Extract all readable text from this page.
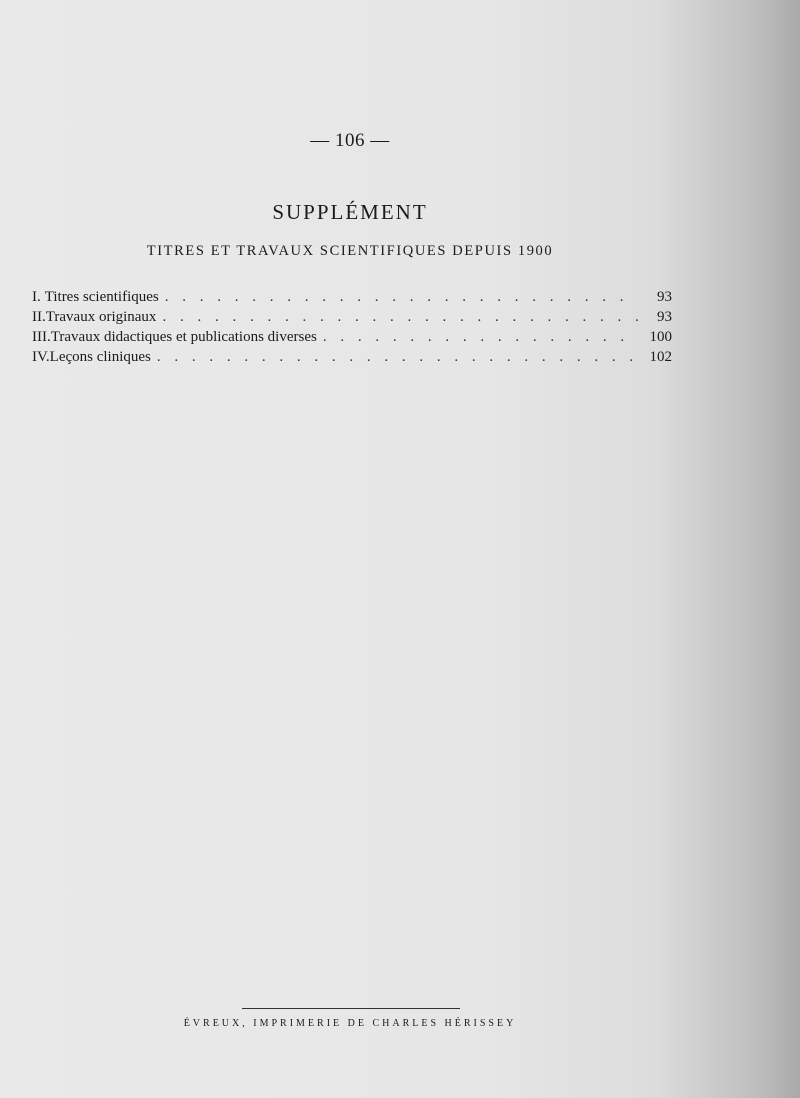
— 106 —
SUPPLÉMENT
TITRES ET TRAVAUX SCIENTIFIQUES DEPUIS 1900
I. Titres scientifiques . . .	93
II. Travaux originaux . . .	93
III. Travaux didactiques et publications diverses . . .	100
IV. Leçons cliniques . . .	102
ÉVREUX, IMPRIMERIE DE CHARLES HÉRISSEY
